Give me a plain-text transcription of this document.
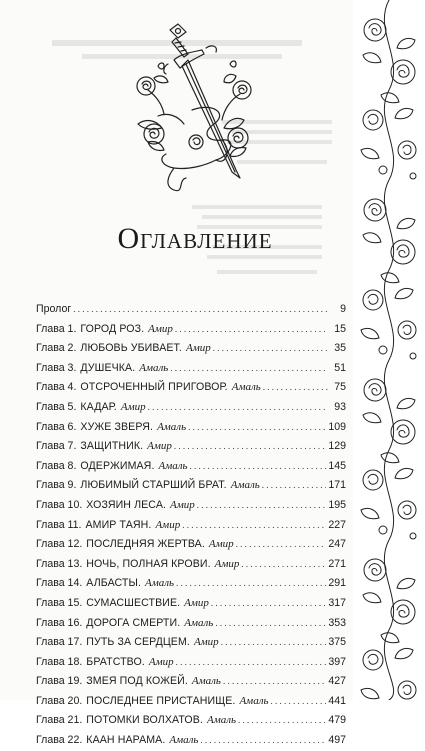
Оглавление
Пролог . . .	9
Глава 1. ГОРОД РОЗ. Амир . . .	15
Глава 2. ЛЮБОВЬ УБИВАЕТ. Амир . . .	35
Глава 3. ДУШЕЧКА. Амаль . . .	51
Глава 4. ОТСРОЧЕННЫЙ ПРИГОВОР. Амаль . . .	75
Глава 5. КАДАР. Амир . . .	93
Глава 6. ХУЖЕ ЗВЕРЯ. Амаль . . .	109
Глава 7. ЗАЩИТНИК. Амир . . .	129
Глава 8. ОДЕРЖИМАЯ. Амаль . . .	145
Глава 9. ЛЮБИМЫЙ СТАРШИЙ БРАТ. Амаль . . .	171
Глава 10. ХОЗЯИН ЛЕСА. Амир . . .	195
Глава 11. АМИР ТАЯН. Амир . . .	227
Глава 12. ПОСЛЕДНЯЯ ЖЕРТВА. Амир . . .	247
Глава 13. НОЧЬ, ПОЛНАЯ КРОВИ. Амир . . .	271
Глава 14. АЛБАСТЫ. Амаль . . .	291
Глава 15. СУМАСШЕСТВИЕ. Амир . . .	317
Глава 16. ДОРОГА СМЕРТИ. Амаль . . .	353
Глава 17. ПУТЬ ЗА СЕРДЦЕМ. Амир . . .	375
Глава 18. БРАТСТВО. Амир . . .	397
Глава 19. ЗМЕЯ ПОД КОЖЕЙ. Амаль . . .	427
Глава 20. ПОСЛЕДНЕЕ ПРИСТАНИЩЕ. Амаль . . .	441
Глава 21. ПОТОМКИ ВОЛХАТОВ. Амаль . . .	479
Глава 22. КААН НАРАМА. Амаль . . .	497
